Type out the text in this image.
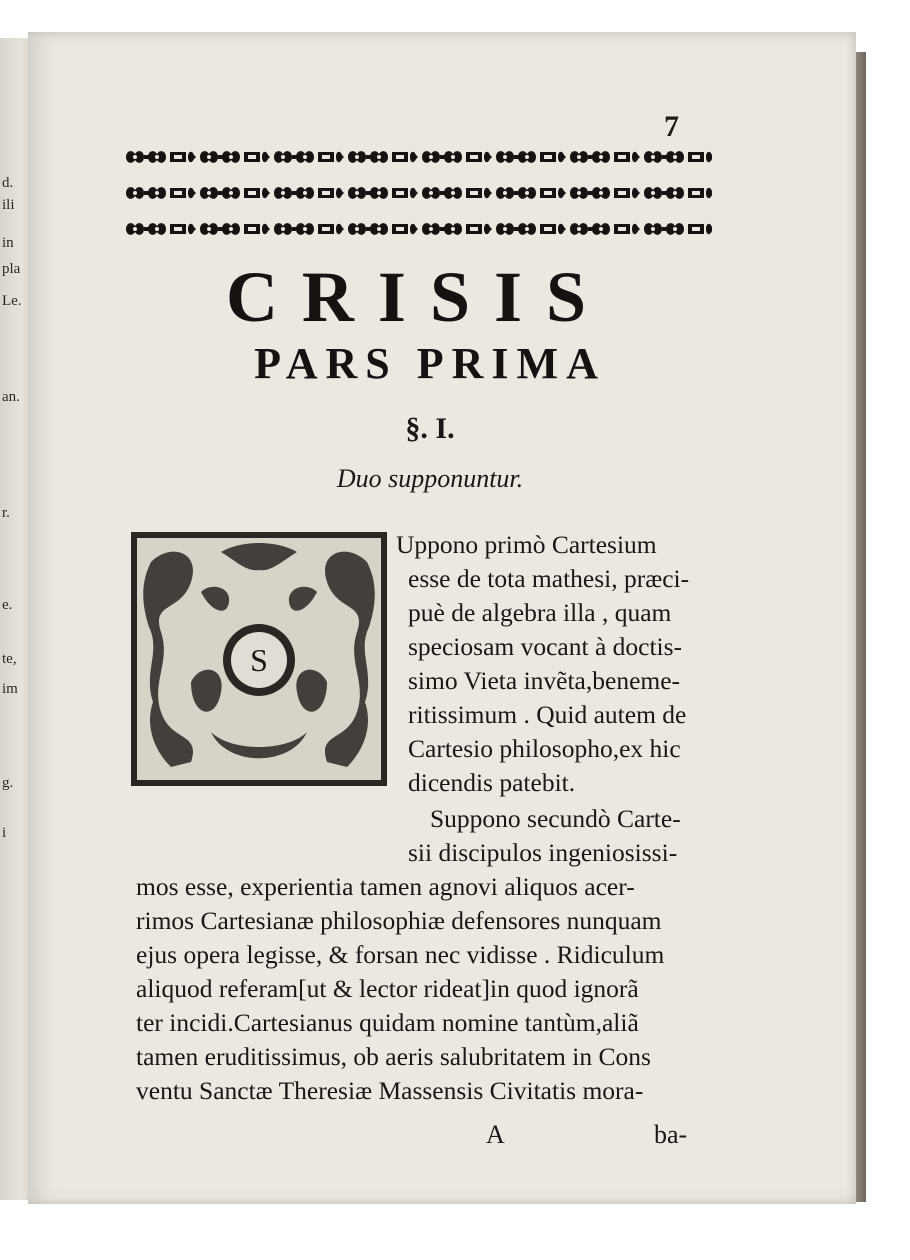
d.
ili
in
pla
Le.
an.
r.
e.
te,
im
g.
i
7
CRISIS
PARS PRIMA
§. I.
Duo supponuntur.
S
Uppono primò Cartesium
esse de tota mathesi, præci-
puè de algebra illa , quam
speciosam vocant à doctis-
simo Vieta invẽta,beneme-
ritissimum . Quid autem de
Cartesio philosopho,ex hic
dicendis patebit.
Suppono secundò Carte-
sii discipulos ingeniosissi-
mos esse, experientia tamen agnovi aliquos acer-
rimos Cartesianæ philosophiæ defensores nunquam
ejus opera legisse, & forsan nec vidisse . Ridiculum
aliquod referam[ut & lector rideat]in quod ignorã
ter incidi.Cartesianus quidam nomine tantùm,aliã
tamen eruditissimus, ob aeris salubritatem in Cons
ventu Sanctæ Theresiæ Massensis Civitatis mora-
A	ba-
